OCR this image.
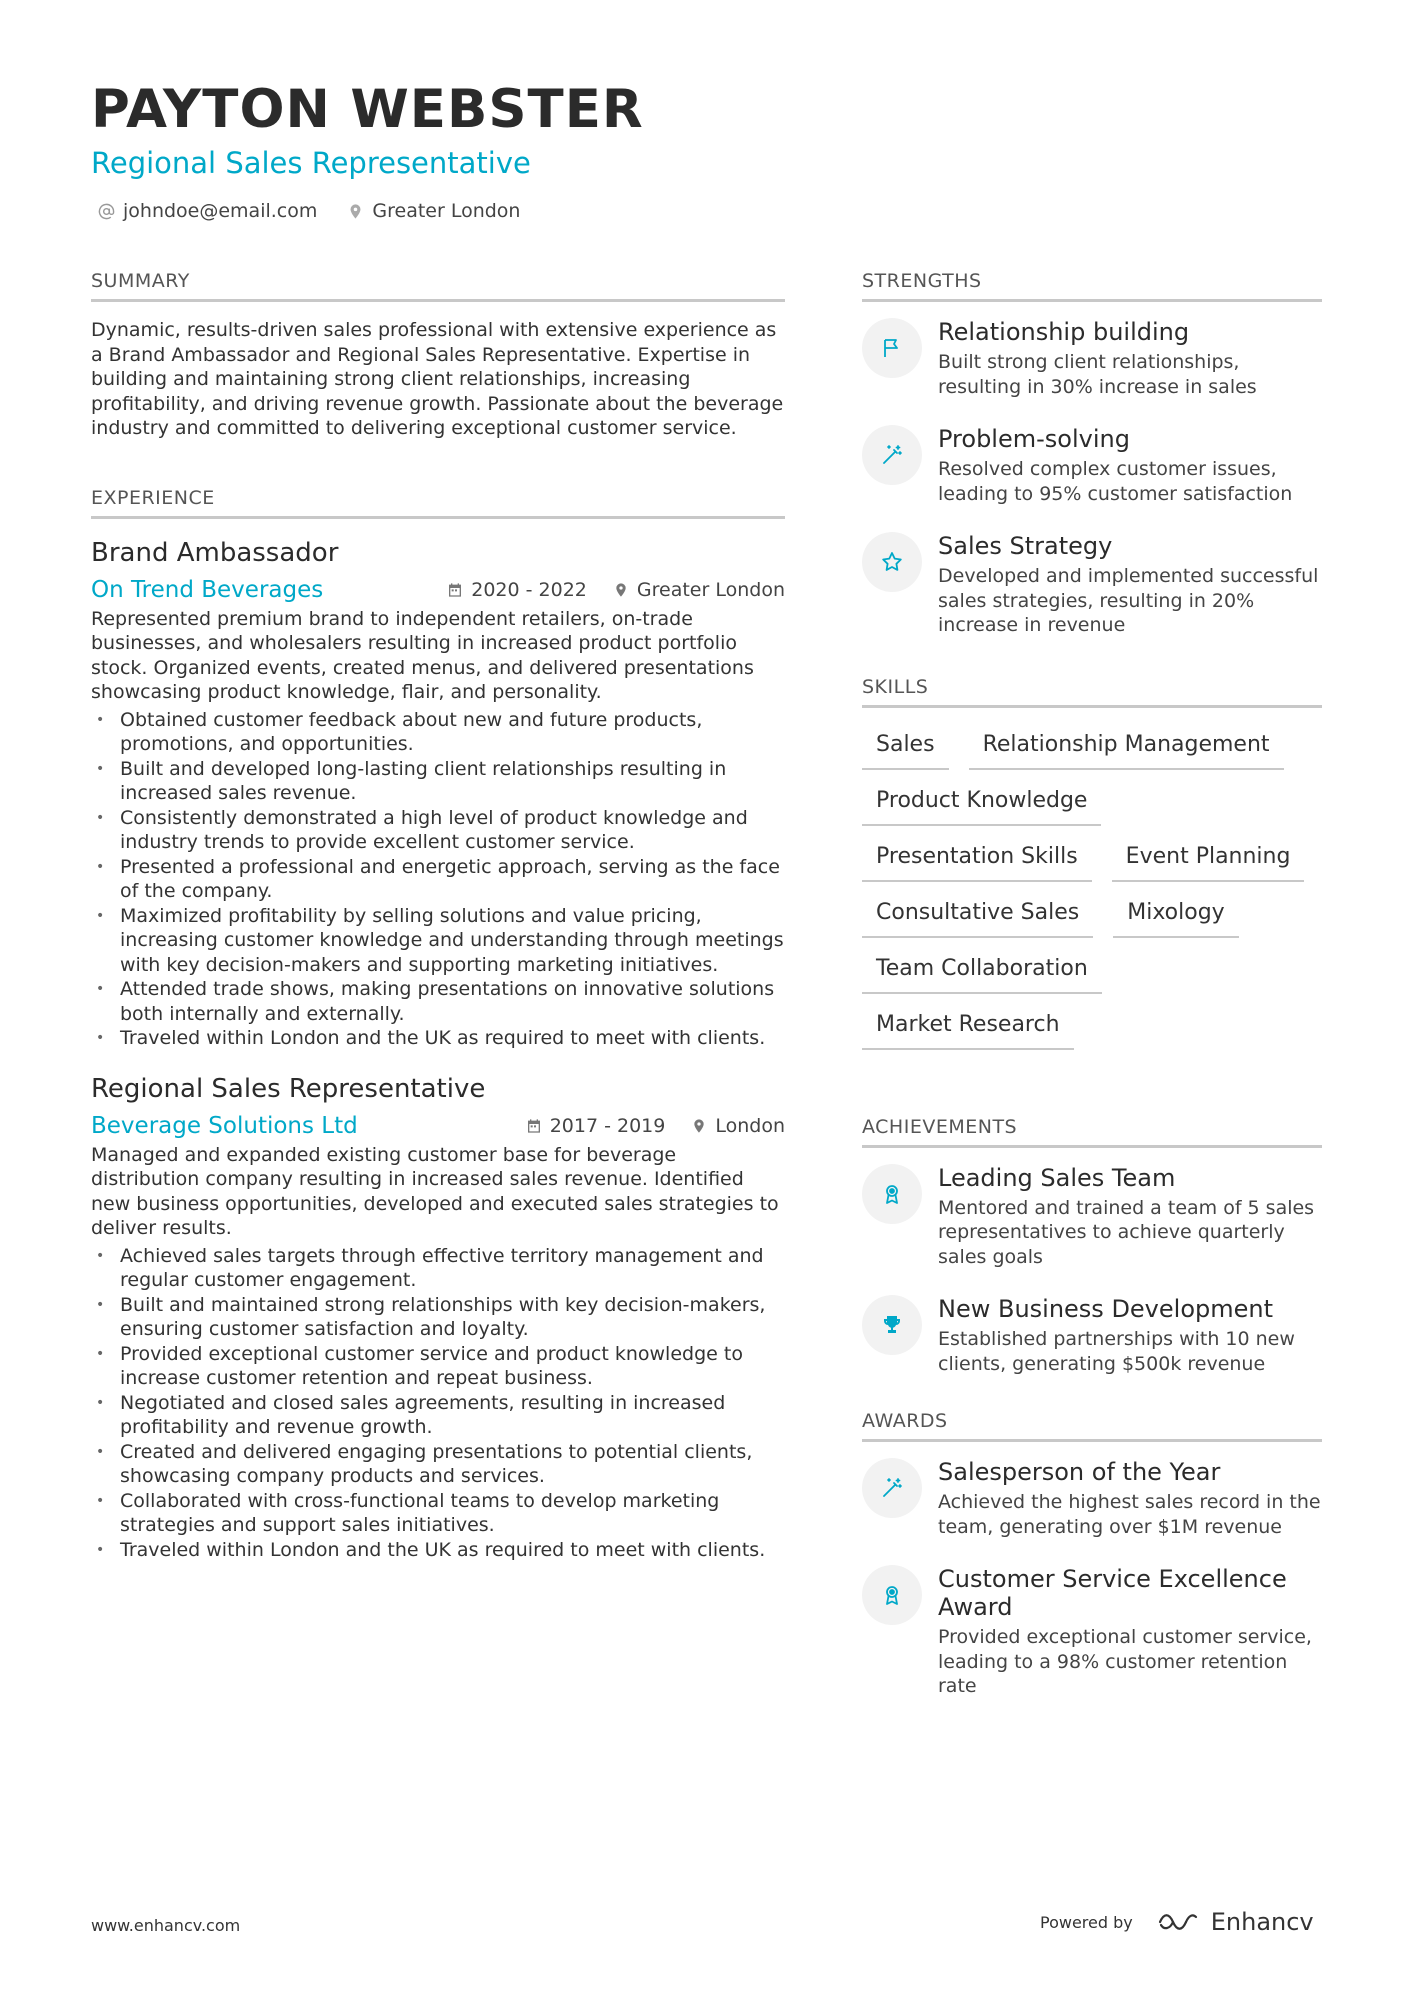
PAYTON WEBSTER
Regional Sales Representative
johndoe@email.com	Greater London
SUMMARY

Dynamic, results-driven sales professional with extensive experience as a Brand Ambassador and Regional Sales Representative. Expertise in building and maintaining strong client relationships, increasing profitability, and driving revenue growth. Passionate about the beverage industry and committed to delivering exceptional customer service.

EXPERIENCE
Brand Ambassador
On Trend Beverages	2020 - 2022	Greater London
Represented premium brand to independent retailers, on-trade businesses, and wholesalers resulting in increased product portfolio stock. Organized events, created menus, and delivered presentations showcasing product knowledge, flair, and personality.
• Obtained customer feedback about new and future products, promotions, and opportunities.
• Built and developed long-lasting client relationships resulting in increased sales revenue.
• Consistently demonstrated a high level of product knowledge and industry trends to provide excellent customer service.
• Presented a professional and energetic approach, serving as the face of the company.
• Maximized profitability by selling solutions and value pricing, increasing customer knowledge and understanding through meetings with key decision-makers and supporting marketing initiatives.
• Attended trade shows, making presentations on innovative solutions both internally and externally.
• Traveled within London and the UK as required to meet with clients.
Regional Sales Representative
Beverage Solutions Ltd	2017 - 2019	London
Managed and expanded existing customer base for beverage distribution company resulting in increased sales revenue. Identified new business opportunities, developed and executed sales strategies to deliver results.
• Achieved sales targets through effective territory management and regular customer engagement.
• Built and maintained strong relationships with key decision-makers, ensuring customer satisfaction and loyalty.
• Provided exceptional customer service and product knowledge to increase customer retention and repeat business.
• Negotiated and closed sales agreements, resulting in increased profitability and revenue growth.
• Created and delivered engaging presentations to potential clients, showcasing company products and services.
• Collaborated with cross-functional teams to develop marketing strategies and support sales initiatives.
• Traveled within London and the UK as required to meet with clients.
STRENGTHS
Relationship building

Built strong client relationships, resulting in 30% increase in sales

Problem-solving

Resolved complex customer issues, leading to 95% customer satisfaction

Sales Strategy

Developed and implemented successful sales strategies, resulting in 20% increase in revenue

SKILLS
Sales	Relationship Management
Product Knowledge
Presentation Skills	Event Planning
Consultative Sales	Mixology
Team Collaboration
Market Research
ACHIEVEMENTS
Leading Sales Team

Mentored and trained a team of 5 sales representatives to achieve quarterly sales goals

New Business Development

Established partnerships with 10 new clients, generating $500k revenue

AWARDS
Salesperson of the Year

Achieved the highest sales record in the team, generating over $1M revenue

Customer Service Excellence Award

Provided exceptional customer service, leading to a 98% customer retention rate

www.enhancv.com	Powered by	Enhancv
